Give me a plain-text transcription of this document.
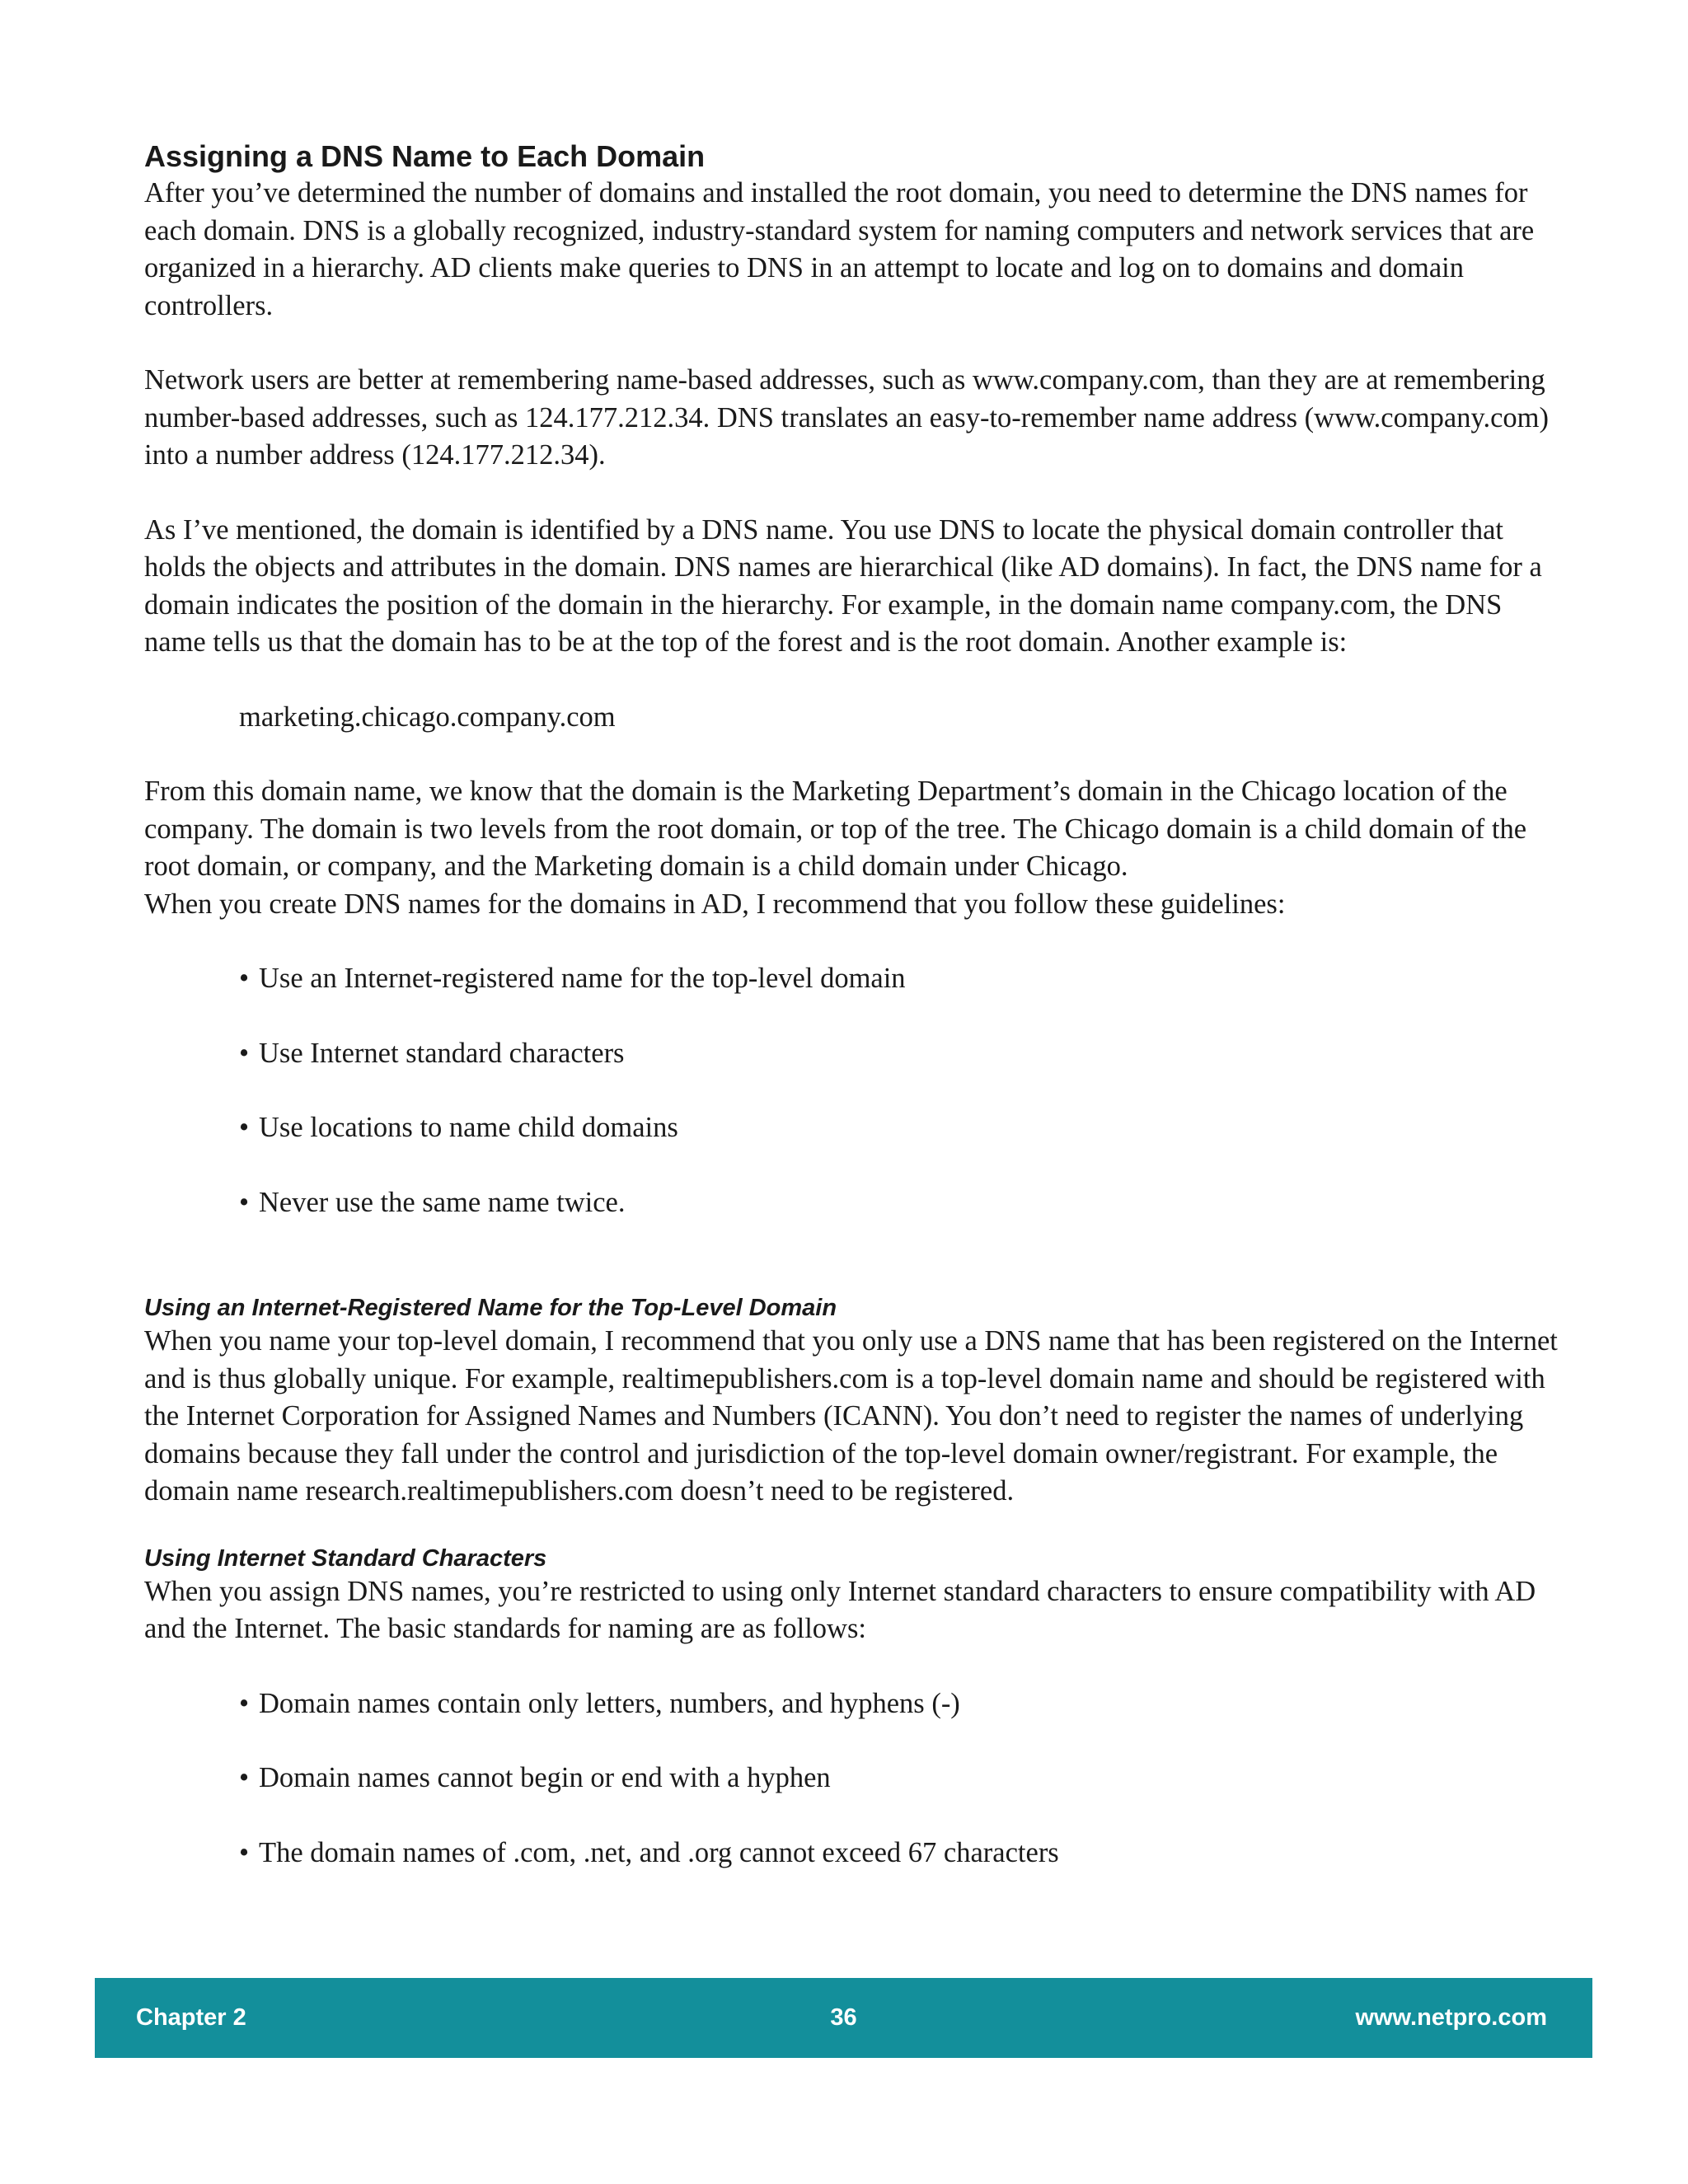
Assigning a DNS Name to Each Domain

After you’ve determined the number of domains and installed the root domain, you need to determine the DNS names for each domain. DNS is a globally recognized, industry-standard system for naming computers and network services that are organized in a hierarchy. AD clients make queries to DNS in an attempt to locate and log on to domains and domain controllers.

Network users are better at remembering name-based addresses, such as www.company.com, than they are at remembering number-based addresses, such as 124.177.212.34. DNS translates an easy-to-remember name address (www.company.com) into a number address (124.177.212.34).

As I’ve mentioned, the domain is identified by a DNS name. You use DNS to locate the physical domain controller that holds the objects and attributes in the domain. DNS names are hierarchical (like AD domains). In fact, the DNS name for a domain indicates the position of the domain in the hierarchy. For example, in the domain name company.com, the DNS name tells us that the domain has to be at the top of the forest and is the root domain. Another example is:

marketing.chicago.company.com

From this domain name, we know that the domain is the Marketing Department’s domain in the Chicago location of the company. The domain is two levels from the root domain, or top of the tree. The Chicago domain is a child domain of the root domain, or company, and the Marketing domain is a child domain under Chicago.

When you create DNS names for the domains in AD, I recommend that you follow these guidelines:

• Use an Internet-registered name for the top-level domain
• Use Internet standard characters
• Use locations to name child domains
• Never use the same name twice.
Using an Internet-Registered Name for the Top-Level Domain

When you name your top-level domain, I recommend that you only use a DNS name that has been registered on the Internet and is thus globally unique. For example, realtimepublishers.com is a top-level domain name and should be registered with the Internet Corporation for Assigned Names and Numbers (ICANN). You don’t need to register the names of underlying domains because they fall under the control and jurisdiction of the top-level domain owner/registrant. For example, the domain name research.realtimepublishers.com doesn’t need to be registered.

Using Internet Standard Characters

When you assign DNS names, you’re restricted to using only Internet standard characters to ensure compatibility with AD and the Internet. The basic standards for naming are as follows:

• Domain names contain only letters, numbers, and hyphens (-)
• Domain names cannot begin or end with a hyphen
• The domain names of .com, .net, and .org cannot exceed 67 characters
Chapter 2	36	www.netpro.com
